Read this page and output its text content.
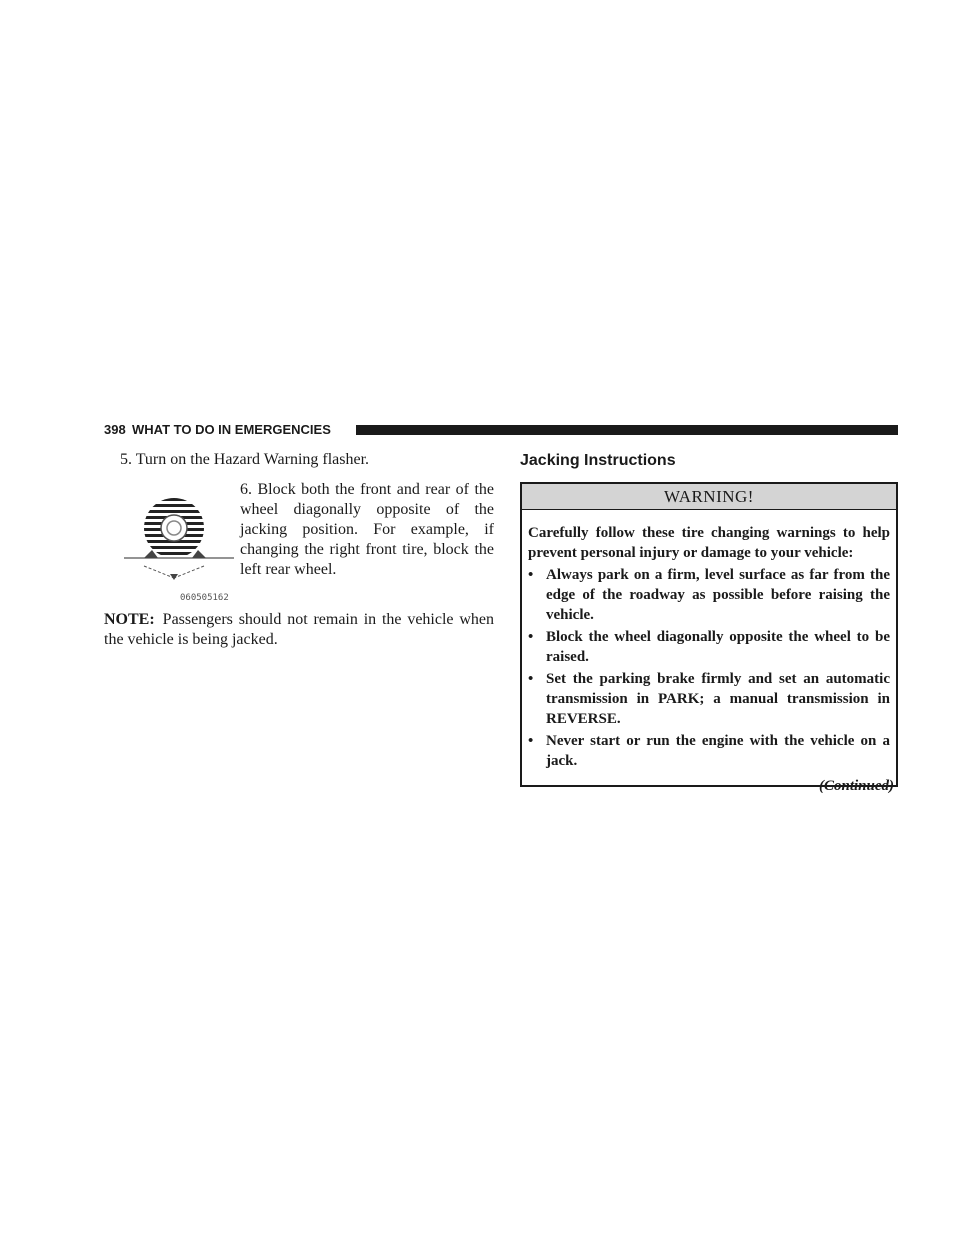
398 WHAT TO DO IN EMERGENCIES
5. Turn on the Hazard Warning flasher.
060505162
6. Block both the front and rear of the wheel diagonally opposite of the jacking position. For example, if changing the right front tire, block the left rear wheel.
NOTE: Passengers should not remain in the vehicle when the vehicle is being jacked.
Jacking Instructions
WARNING!

Carefully follow these tire changing warnings to help prevent personal injury or damage to your vehicle:

• Always park on a firm, level surface as far from the edge of the roadway as possible before raising the vehicle.
• Block the wheel diagonally opposite the wheel to be raised.
• Set the parking brake firmly and set an automatic transmission in PARK; a manual transmission in REVERSE.
• Never start or run the engine with the vehicle on a jack.
(Continued)
